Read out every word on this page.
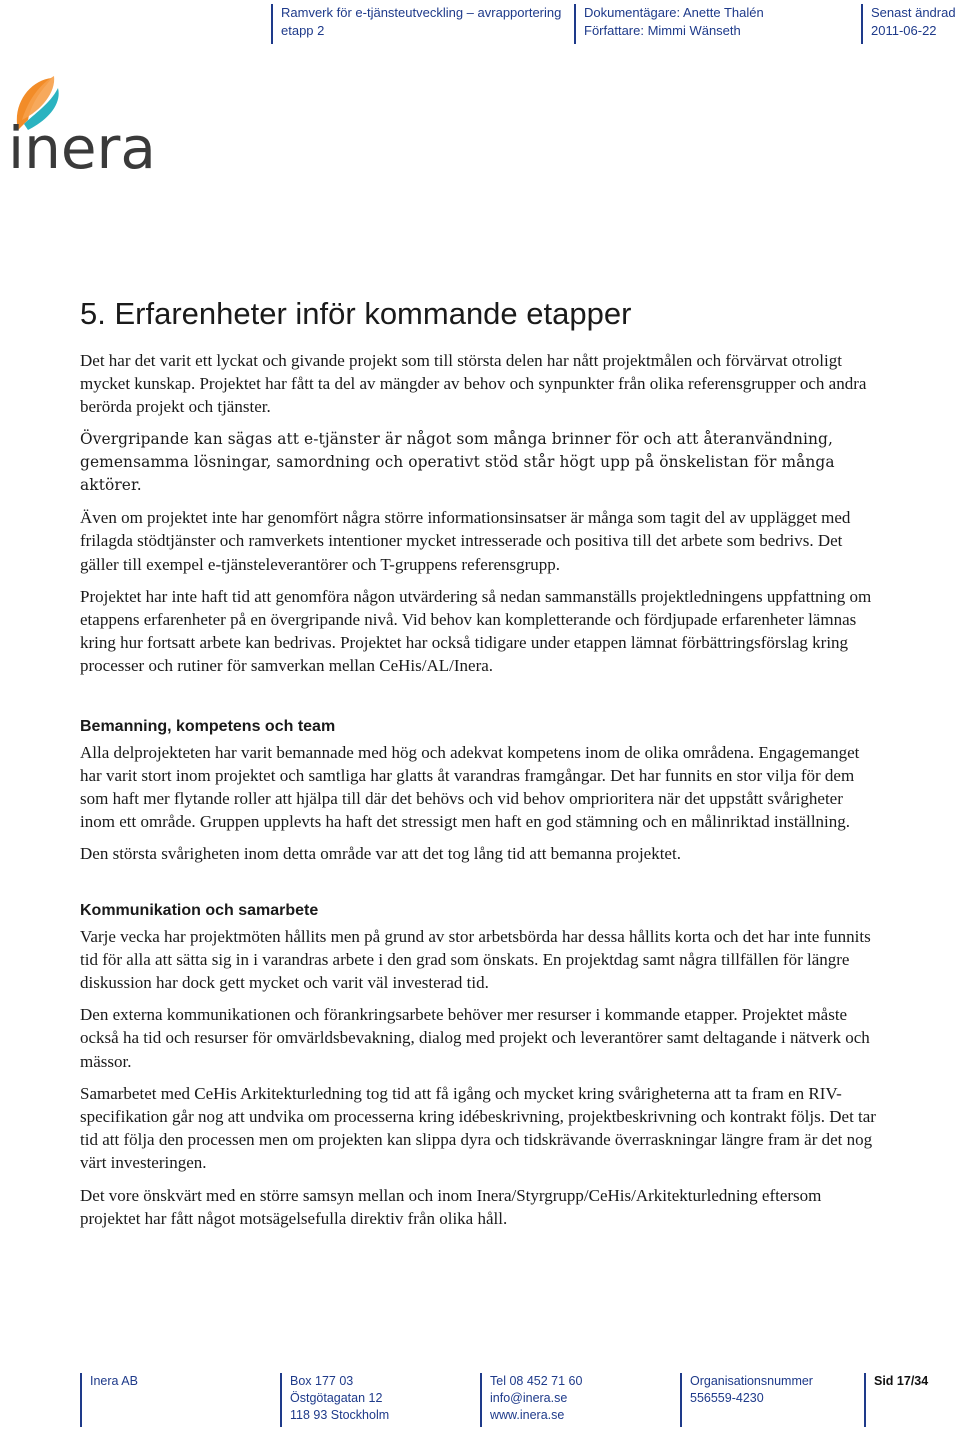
Ramverk för e-tjänsteutveckling – avrapportering
etapp 2
Dokumentägare: Anette Thalén
Författare: Mimmi Wänseth
Senast ändrad
2011-06-22
inera
5. Erfarenheter inför kommande etapper

Det har det varit ett lyckat och givande projekt som till största delen har nått projektmålen och förvärvat otroligt mycket kunskap. Projektet har fått ta del av mängder av behov och synpunkter från olika referensgrupper och andra berörda projekt och tjänster.

Övergripande kan sägas att e-tjänster är något som många brinner för och att återanvändning, gemensamma lösningar, samordning och operativt stöd står högt upp på önskelistan för många aktörer.

Även om projektet inte har genomfört några större informationsinsatser är många som tagit del av upplägget med frilagda stödtjänster och ramverkets intentioner mycket intresserade och positiva till det arbete som bedrivs. Det gäller till exempel e-tjänsteleverantörer och T-gruppens referensgrupp.

Projektet har inte haft tid att genomföra någon utvärdering så nedan sammanställs projektledningens uppfattning om etappens erfarenheter på en övergripande nivå. Vid behov kan kompletterande och fördjupade erfarenheter lämnas kring hur fortsatt arbete kan bedrivas. Projektet har också tidigare under etappen lämnat förbättringsförslag kring processer och rutiner för samverkan mellan CeHis/AL/Inera.

Bemanning, kompetens och team

Alla delprojekteten har varit bemannade med hög och adekvat kompetens inom de olika områdena. Engagemanget har varit stort inom projektet och samtliga har glatts åt varandras framgångar. Det har funnits en stor vilja för dem som haft mer flytande roller att hjälpa till där det behövs och vid behov omprioritera när det uppstått svårigheter inom ett område. Gruppen upplevts ha haft det stressigt men haft en god stämning och en målinriktad inställning.

Den största svårigheten inom detta område var att det tog lång tid att bemanna projektet.

Kommunikation och samarbete

Varje vecka har projektmöten hållits men på grund av stor arbetsbörda har dessa hållits korta och det har inte funnits tid för alla att sätta sig in i varandras arbete i den grad som önskats. En projektdag samt några tillfällen för längre diskussion har dock gett mycket och varit väl investerad tid.

Den externa kommunikationen och förankringsarbete behöver mer resurser i kommande etapper. Projektet måste också ha tid och resurser för omvärldsbevakning, dialog med projekt och leverantörer samt deltagande i nätverk och mässor.

Samarbetet med CeHis Arkitekturledning tog tid att få igång och mycket kring svårigheterna att ta fram en RIV-specifikation går nog att undvika om processerna kring idébeskrivning, projektbeskrivning och kontrakt följs. Det tar tid att följa den processen men om projekten kan slippa dyra och tidskrävande överraskningar längre fram är det nog värt investeringen.

Det vore önskvärt med en större samsyn mellan och inom Inera/Styrgrupp/CeHis/Arkitekturledning eftersom projektet har fått något motsägelsefulla direktiv från olika håll.

Inera AB	Box 177 03
Östgötagatan 12
118 93 Stockholm
Tel 08 452 71 60
info@inera.se
www.inera.se
Organisationsnummer
556559-4230
Sid 17/34
